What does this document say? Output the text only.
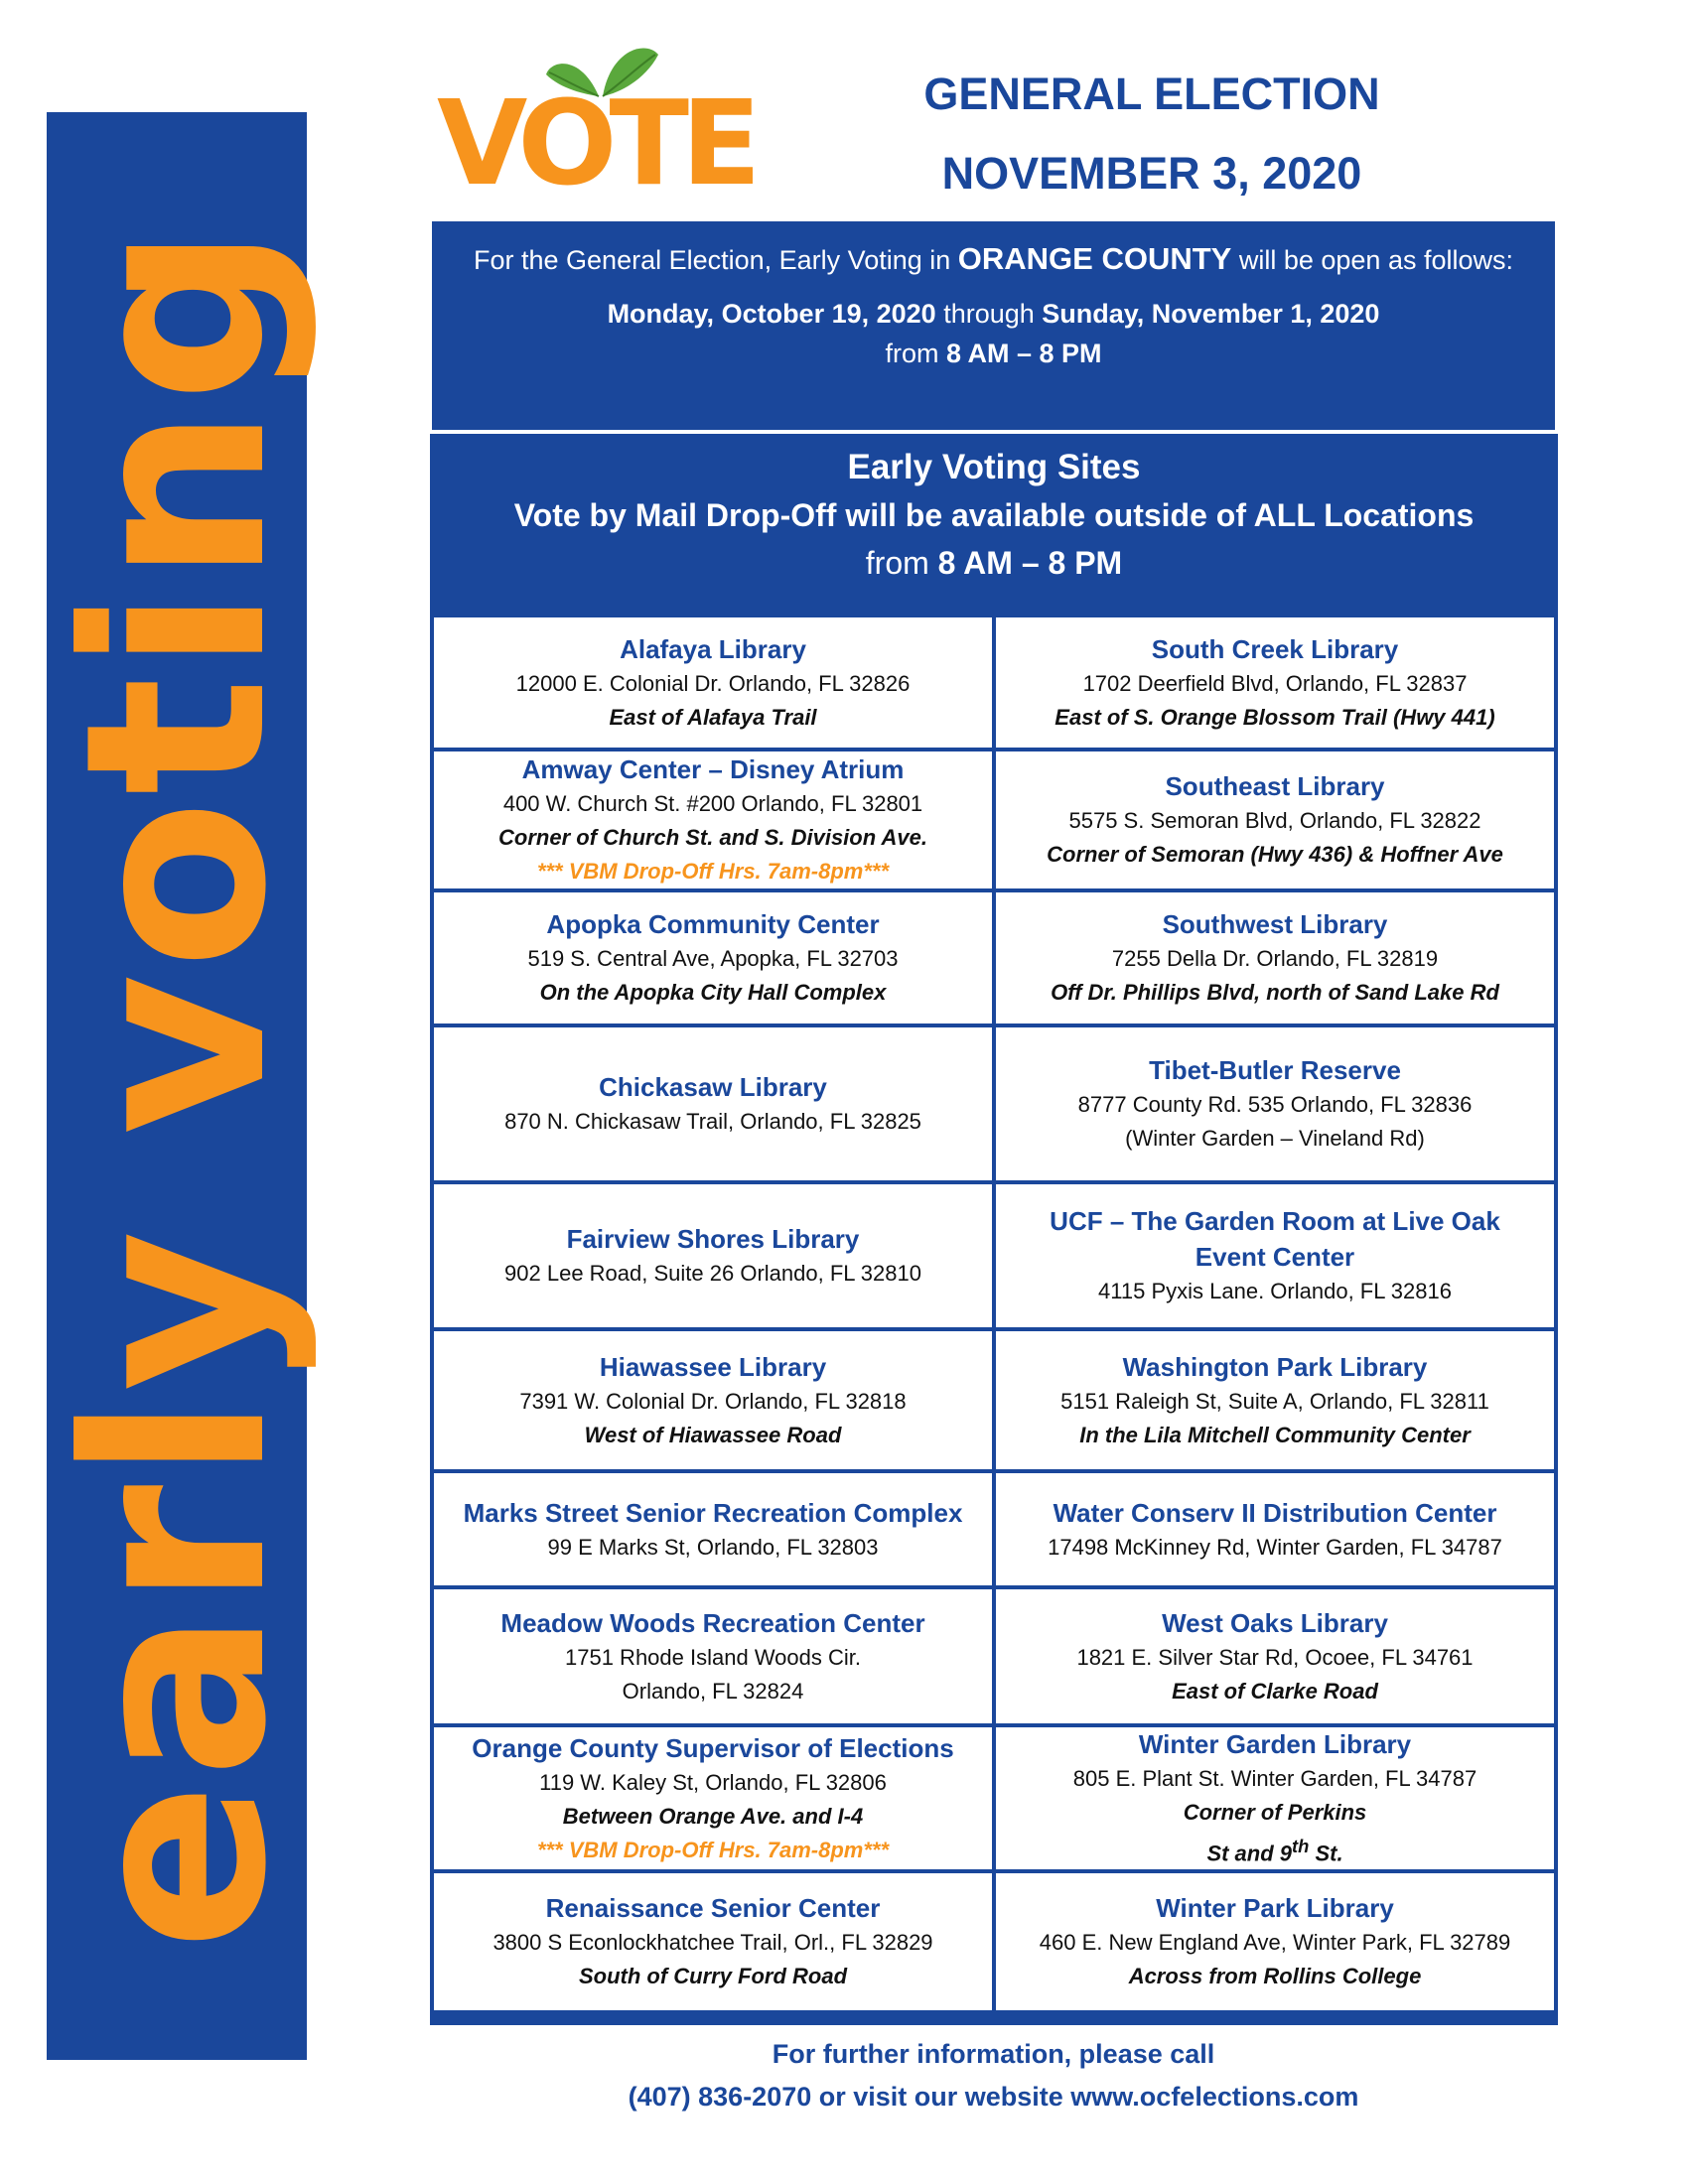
early voting
VOTE	GENERAL ELECTION
NOVEMBER 3, 2020
For the General Election, Early Voting in ORANGE COUNTY will be open as follows:
Monday, October 19, 2020 through Sunday, November 1, 2020
from 8 AM – 8 PM
Early Voting Sites
Vote by Mail Drop-Off will be available outside of ALL Locations
from 8 AM – 8 PM
Alafaya Library
12000 E. Colonial Dr. Orlando, FL 32826
East of Alafaya Trail
South Creek Library
1702 Deerfield Blvd, Orlando, FL 32837
East of S. Orange Blossom Trail (Hwy 441)
Amway Center – Disney Atrium
400 W. Church St. #200 Orlando, FL 32801
Corner of Church St. and S. Division Ave.
*** VBM Drop-Off Hrs. 7am-8pm***
Southeast Library
5575 S. Semoran Blvd, Orlando, FL 32822
Corner of Semoran (Hwy 436) & Hoffner Ave
Apopka Community Center
519 S. Central Ave, Apopka, FL 32703
On the Apopka City Hall Complex
Southwest Library
7255 Della Dr. Orlando, FL 32819
Off Dr. Phillips Blvd, north of Sand Lake Rd
Chickasaw Library
870 N. Chickasaw Trail, Orlando, FL 32825
Tibet-Butler Reserve
8777 County Rd. 535 Orlando, FL 32836
(Winter Garden – Vineland Rd)
Fairview Shores Library
902 Lee Road, Suite 26 Orlando, FL 32810
UCF – The Garden Room at Live Oak
Event Center
4115 Pyxis Lane. Orlando, FL 32816
Hiawassee Library
7391 W. Colonial Dr. Orlando, FL 32818
West of Hiawassee Road
Washington Park Library
5151 Raleigh St, Suite A, Orlando, FL 32811
In the Lila Mitchell Community Center
Marks Street Senior Recreation Complex
99 E Marks St, Orlando, FL 32803
Water Conserv II Distribution Center
17498 McKinney Rd, Winter Garden, FL 34787
Meadow Woods Recreation Center
1751 Rhode Island Woods Cir.
Orlando, FL 32824
West Oaks Library
1821 E. Silver Star Rd, Ocoee, FL 34761
East of Clarke Road
Orange County Supervisor of Elections
119 W. Kaley St, Orlando, FL 32806
Between Orange Ave. and I-4
*** VBM Drop-Off Hrs. 7am-8pm***
Winter Garden Library
805 E. Plant St. Winter Garden, FL 34787
Corner of Perkins
St and 9th St.
Renaissance Senior Center
3800 S Econlockhatchee Trail, Orl., FL 32829
South of Curry Ford Road
Winter Park Library
460 E. New England Ave, Winter Park, FL 32789
Across from Rollins College
For further information, please call
(407) 836-2070 or visit our website www.ocfelections.com
